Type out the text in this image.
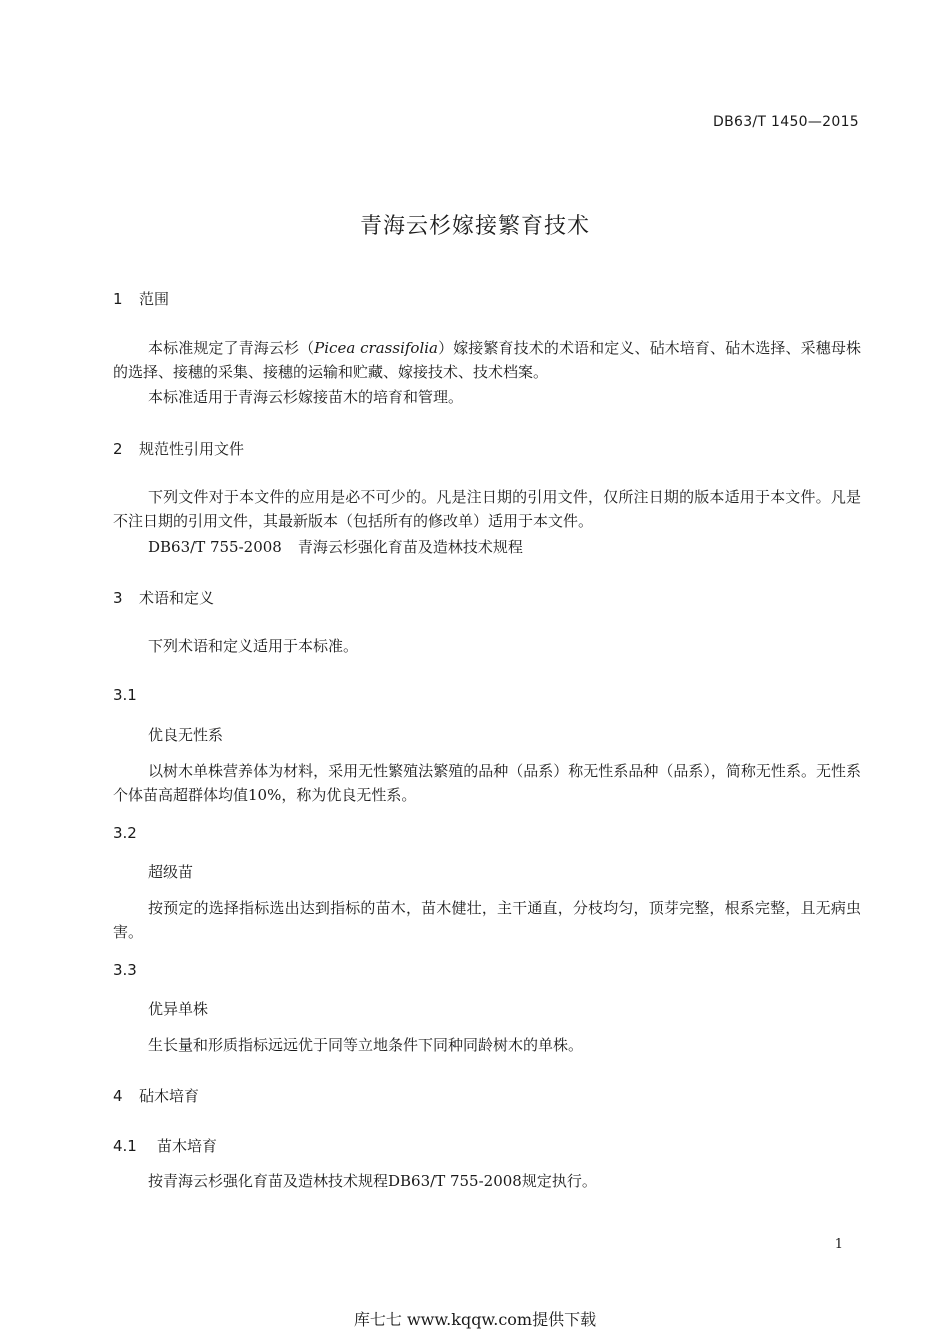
DB63/T 1450—2015
青海云杉嫁接繁育技术
1 范围
本标准规定了青海云杉（Picea crassifolia）嫁接繁育技术的术语和定义、砧木培育、砧木选择、采穗母株的选择、接穗的采集、接穗的运输和贮藏、嫁接技术、技术档案。
本标准适用于青海云杉嫁接苗木的培育和管理。
2 规范性引用文件
下列文件对于本文件的应用是必不可少的。凡是注日期的引用文件，仅所注日期的版本适用于本文件。凡是不注日期的引用文件，其最新版本（包括所有的修改单）适用于本文件。
DB63/T 755-2008 青海云杉强化育苗及造林技术规程
3 术语和定义
下列术语和定义适用于本标准。
3.1
优良无性系
以树木单株营养体为材料，采用无性繁殖法繁殖的品种（品系）称无性系品种（品系），简称无性系。无性系个体苗高超群体均值10%，称为优良无性系。
3.2
超级苗
按预定的选择指标选出达到指标的苗木，苗木健壮，主干通直，分枝均匀，顶芽完整，根系完整，且无病虫害。
3.3
优异单株
生长量和形质指标远远优于同等立地条件下同种同龄树木的单株。
4 砧木培育
4.1 苗木培育
按青海云杉强化育苗及造林技术规程DB63/T 755-2008规定执行。
1
库七七 www.kqqw.com提供下载
